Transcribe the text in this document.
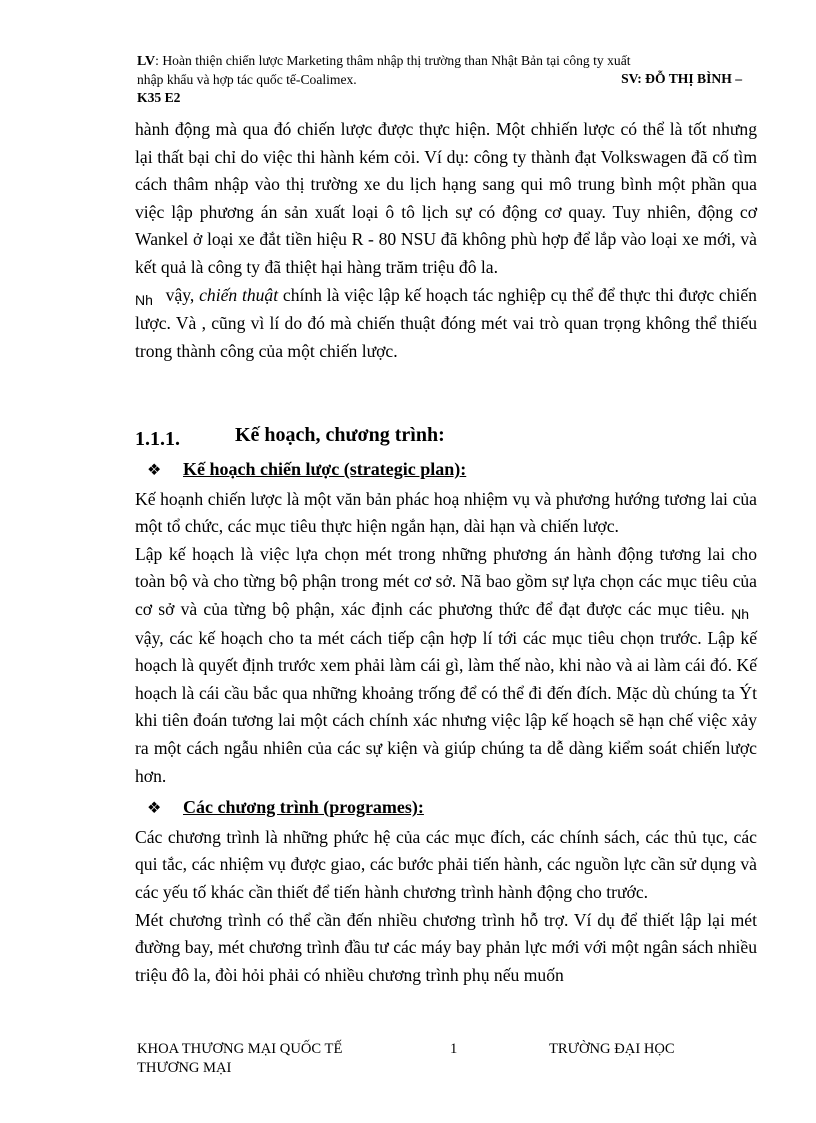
LV: Hoàn thiện chiến lược Marketing thâm nhập thị trường than Nhật Bản tại công ty xuất
nhập khẩu và hợp tác quốc tế-Coalimex.	SV: ĐỖ THỊ BÌNH –
K35 E2

hành động mà qua đó chiến lược được thực hiện. Một chhiến lược có thể là tốt nhưng lại thất bại chỉ do việc thi hành kém cỏi. Ví dụ: công ty thành đạt Volkswagen đã cố tìm cách thâm nhập vào thị trường xe du lịch hạng sang qui mô trung bình một phần qua việc lập phương án sản xuất loại ô tô lịch sự có động cơ quay. Tuy nhiên, động cơ Wankel ở loại xe đắt tiền hiệu R - 80 NSU đã không phù hợp để lắp vào loại xe mới, và kết quả là công ty đã thiệt hại hàng trăm triệu đô la.

$_{Nh}$ vậy, chiến thuật chính là việc lập kế hoạch tác nghiệp cụ thể để thực thi được chiến lược. Và , cũng vì lí do đó mà chiến thuật đóng mét vai trò quan trọng không thể thiếu trong thành công của một chiến lược.

1.1.1.	Kế hoạch, chương trình:
❖ Kế hoạch chiến lược (strategic plan):

Kế hoạnh chiến lược là một văn bản phác hoạ nhiệm vụ và phương hướng tương lai của một tổ chức, các mục tiêu thực hiện ngắn hạn, dài hạn và chiến lược.

Lập kế hoạch là việc lựa chọn mét trong những phương án hành động tương lai cho toàn bộ và cho từng bộ phận trong mét cơ sở. Nã bao gồm sự lựa chọn các mục tiêu của cơ sở và của từng bộ phận, xác định các phương thức để đạt được các mục tiêu. $_{Nh}$ vậy, các kế hoạch cho ta mét cách tiếp cận hợp lí tới các mục tiêu chọn trước. Lập kế hoạch là quyết định trước xem phải làm cái gì, làm thế nào, khi nào và ai làm cái đó. Kế hoạch là cái cầu bắc qua những khoảng trống để có thể đi đến đích. Mặc dù chúng ta Ýt khi tiên đoán tương lai một cách chính xác nhưng việc lập kế hoạch sẽ hạn chế việc xảy ra một cách ngẫu nhiên của các sự kiện và giúp chúng ta dễ dàng kiểm soát chiến lược hơn.

❖ Các chương trình (programes):

Các chương trình là những phức hệ của các mục đích, các chính sách, các thủ tục, các qui tắc, các nhiệm vụ được giao, các bước phải tiến hành, các nguồn lực cần sử dụng và các yếu tố khác cần thiết để tiến hành chương trình hành động cho trước.

Mét chương trình có thể cần đến nhiều chương trình hỗ trợ. Ví dụ để thiết lập lại mét đường bay, mét chương trình đầu tư các máy bay phản lực mới với một ngân sách nhiều triệu đô la, đòi hỏi phải có nhiều chương trình phụ nếu muốn

KHOA THƯƠNG MẠI QUỐC TẾ
THƯƠNG MẠI
1	TRƯỜNG ĐẠI HỌC
